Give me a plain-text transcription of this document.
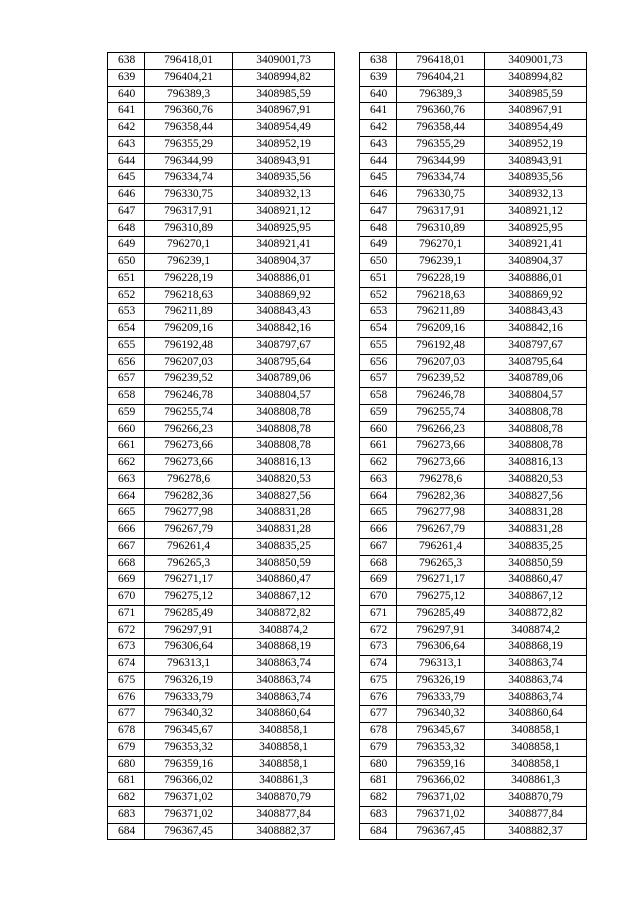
638	796418,01	3409001,73
639	796404,21	3408994,82
640	796389,3	3408985,59
641	796360,76	3408967,91
642	796358,44	3408954,49
643	796355,29	3408952,19
644	796344,99	3408943,91
645	796334,74	3408935,56
646	796330,75	3408932,13
647	796317,91	3408921,12
648	796310,89	3408925,95
649	796270,1	3408921,41
650	796239,1	3408904,37
651	796228,19	3408886,01
652	796218,63	3408869,92
653	796211,89	3408843,43
654	796209,16	3408842,16
655	796192,48	3408797,67
656	796207,03	3408795,64
657	796239,52	3408789,06
658	796246,78	3408804,57
659	796255,74	3408808,78
660	796266,23	3408808,78
661	796273,66	3408808,78
662	796273,66	3408816,13
663	796278,6	3408820,53
664	796282,36	3408827,56
665	796277,98	3408831,28
666	796267,79	3408831,28
667	796261,4	3408835,25
668	796265,3	3408850,59
669	796271,17	3408860,47
670	796275,12	3408867,12
671	796285,49	3408872,82
672	796297,91	3408874,2
673	796306,64	3408868,19
674	796313,1	3408863,74
675	796326,19	3408863,74
676	796333,79	3408863,74
677	796340,32	3408860,64
678	796345,67	3408858,1
679	796353,32	3408858,1
680	796359,16	3408858,1
681	796366,02	3408861,3
682	796371,02	3408870,79
683	796371,02	3408877,84
684	796367,45	3408882,37
638	796418,01	3409001,73
639	796404,21	3408994,82
640	796389,3	3408985,59
641	796360,76	3408967,91
642	796358,44	3408954,49
643	796355,29	3408952,19
644	796344,99	3408943,91
645	796334,74	3408935,56
646	796330,75	3408932,13
647	796317,91	3408921,12
648	796310,89	3408925,95
649	796270,1	3408921,41
650	796239,1	3408904,37
651	796228,19	3408886,01
652	796218,63	3408869,92
653	796211,89	3408843,43
654	796209,16	3408842,16
655	796192,48	3408797,67
656	796207,03	3408795,64
657	796239,52	3408789,06
658	796246,78	3408804,57
659	796255,74	3408808,78
660	796266,23	3408808,78
661	796273,66	3408808,78
662	796273,66	3408816,13
663	796278,6	3408820,53
664	796282,36	3408827,56
665	796277,98	3408831,28
666	796267,79	3408831,28
667	796261,4	3408835,25
668	796265,3	3408850,59
669	796271,17	3408860,47
670	796275,12	3408867,12
671	796285,49	3408872,82
672	796297,91	3408874,2
673	796306,64	3408868,19
674	796313,1	3408863,74
675	796326,19	3408863,74
676	796333,79	3408863,74
677	796340,32	3408860,64
678	796345,67	3408858,1
679	796353,32	3408858,1
680	796359,16	3408858,1
681	796366,02	3408861,3
682	796371,02	3408870,79
683	796371,02	3408877,84
684	796367,45	3408882,37
